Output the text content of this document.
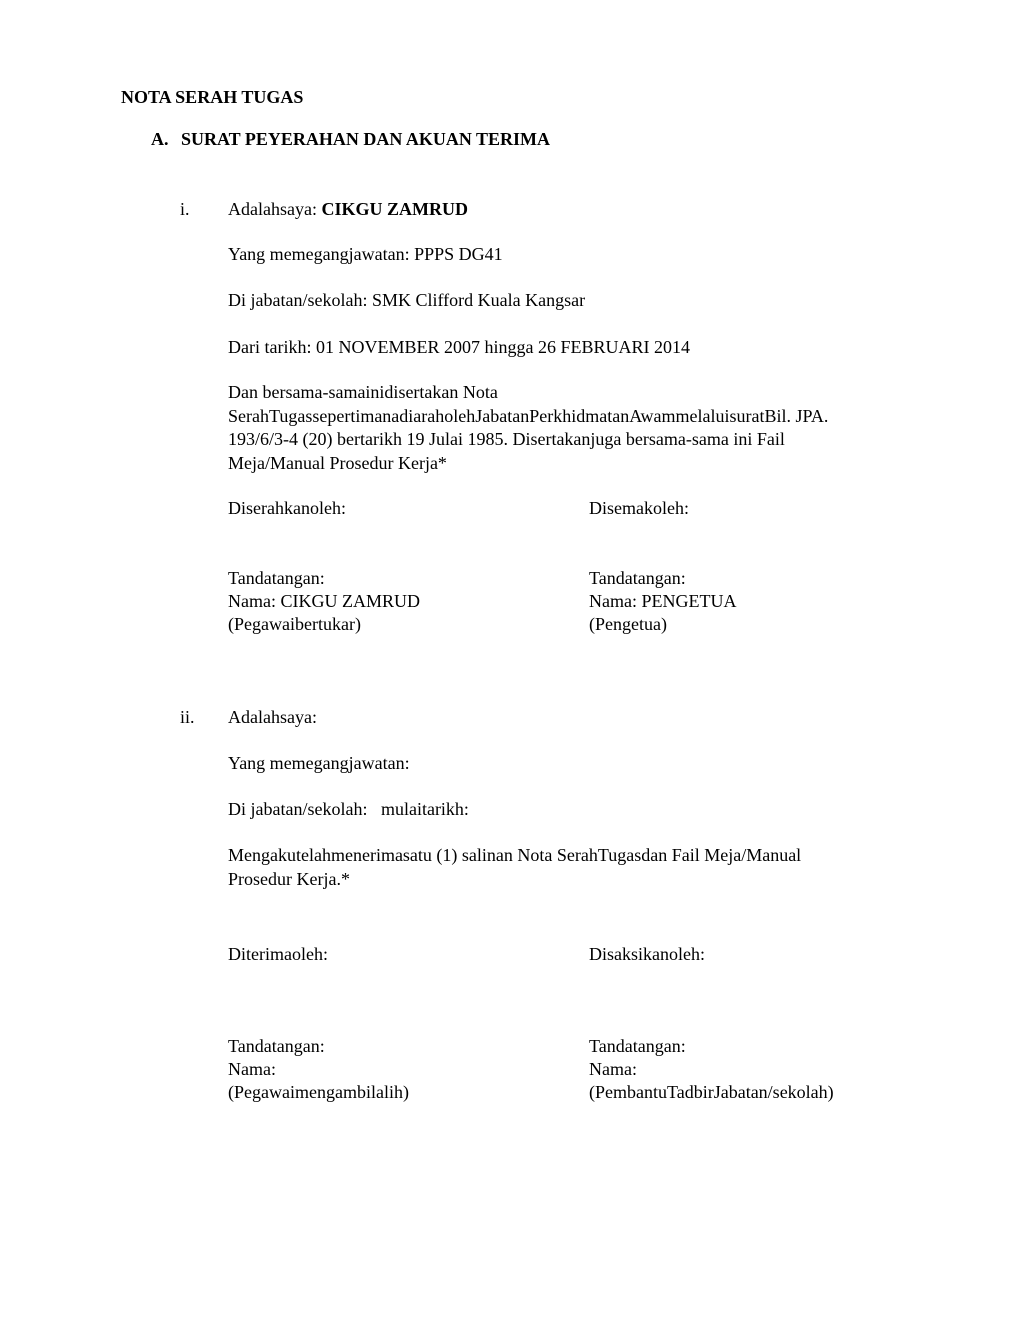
NOTA SERAH TUGAS
A. SURAT PEYERAHAN DAN AKUAN TERIMA
i. Adalahsaya: CIKGU ZAMRUD
Yang memegangjawatan: PPPS DG41
Di jabatan/sekolah: SMK Clifford Kuala Kangsar
Dari tarikh: 01 NOVEMBER 2007 hingga 26 FEBRUARI 2014
Dan bersama-samainidisertakan Nota
SerahTugassepertimanadiaraholehJabatanPerkhidmatanAwammelaluisuratBil. JPA.
193/6/3-4 (20) bertarikh 19 Julai 1985. Disertakanjuga bersama-sama ini Fail
Meja/Manual Prosedur Kerja*
Diserahkanoleh:	Disemakoleh:
Tandatangan:
Nama: CIKGU ZAMRUD
(Pegawaibertukar)
Tandatangan:
Nama: PENGETUA
(Pengetua)
ii. Adalahsaya:
Yang memegangjawatan:
Di jabatan/sekolah:   mulaitarikh:
Mengakutelahmenerimasatu (1) salinan Nota SerahTugasdan Fail Meja/Manual
Prosedur Kerja.*
Diterimaoleh:	Disaksikanoleh:
Tandatangan:
Nama:
(Pegawaimengambilalih)
Tandatangan:
Nama:
(PembantuTadbirJabatan/sekolah)
